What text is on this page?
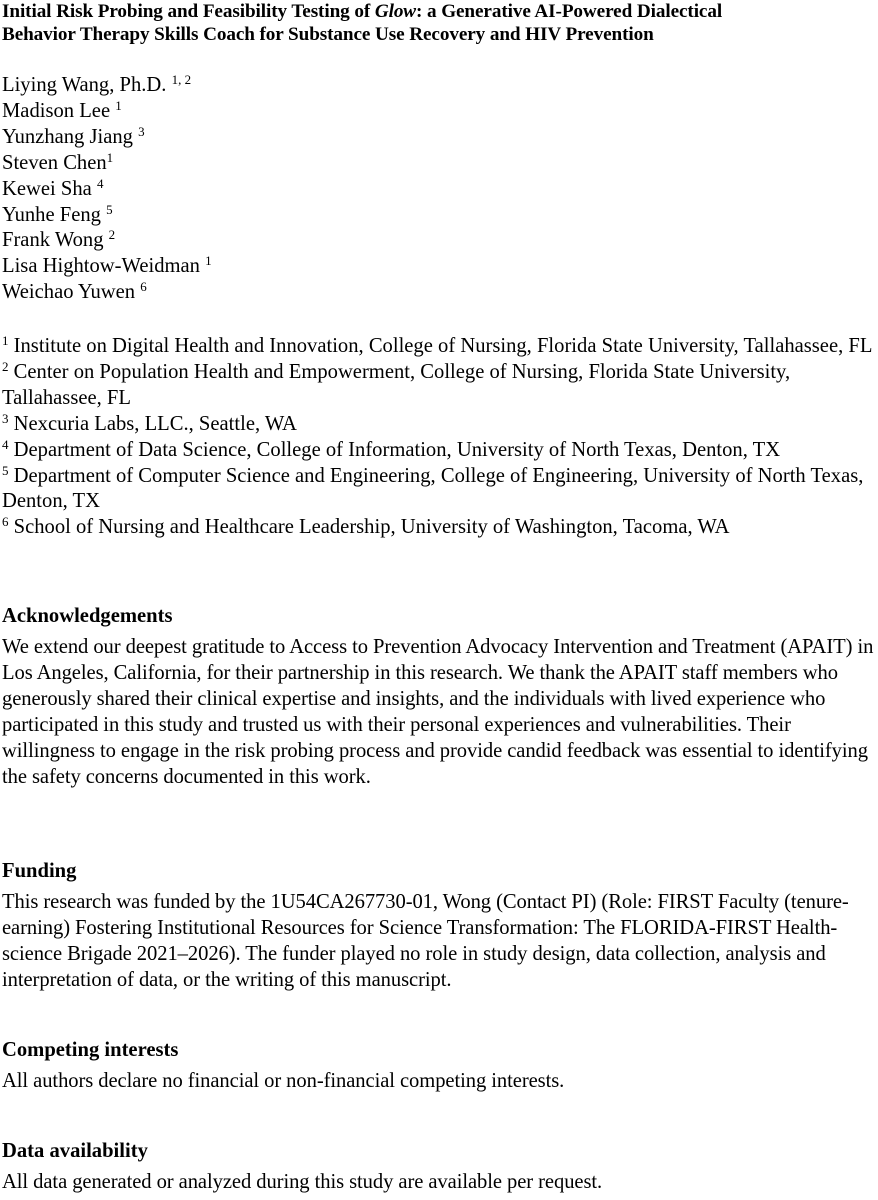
Initial Risk Probing and Feasibility Testing of Glow: a Generative AI-Powered Dialectical
Behavior Therapy Skills Coach for Substance Use Recovery and HIV Prevention
Liying Wang, Ph.D. $^{1, 2}$
Madison Lee $^1$
Yunzhang Jiang $^3$
Steven Chen$^1$
Kewei Sha $^4$
Yunhe Feng $^5$
Frank Wong $^2$
Lisa Hightow-Weidman $^1$
Weichao Yuwen $^6$

$^1$ Institute on Digital Health and Innovation, College of Nursing, Florida State University, Tallahassee, FL

$^2$ Center on Population Health and Empowerment, College of Nursing, Florida State University, Tallahassee, FL

$^3$ Nexcuria Labs, LLC., Seattle, WA

$^4$ Department of Data Science, College of Information, University of North Texas, Denton, TX

$^5$ Department of Computer Science and Engineering, College of Engineering, University of North Texas, Denton, TX

$^6$ School of Nursing and Healthcare Leadership, University of Washington, Tacoma, WA

Acknowledgements

We extend our deepest gratitude to Access to Prevention Advocacy Intervention and Treatment (APAIT) in Los Angeles, California, for their partnership in this research. We thank the APAIT staff members who generously shared their clinical expertise and insights, and the individuals with lived experience who participated in this study and trusted us with their personal experiences and vulnerabilities. Their willingness to engage in the risk probing process and provide candid feedback was essential to identifying the safety concerns documented in this work.

Funding

This research was funded by the 1U54CA267730-01, Wong (Contact PI) (Role: FIRST Faculty (tenure-earning) Fostering Institutional Resources for Science Transformation: The FLORIDA-FIRST Health-science Brigade 2021–2026). The funder played no role in study design, data collection, analysis and interpretation of data, or the writing of this manuscript.

Competing interests

All authors declare no financial or non-financial competing interests.

Data availability

All data generated or analyzed during this study are available per request.
